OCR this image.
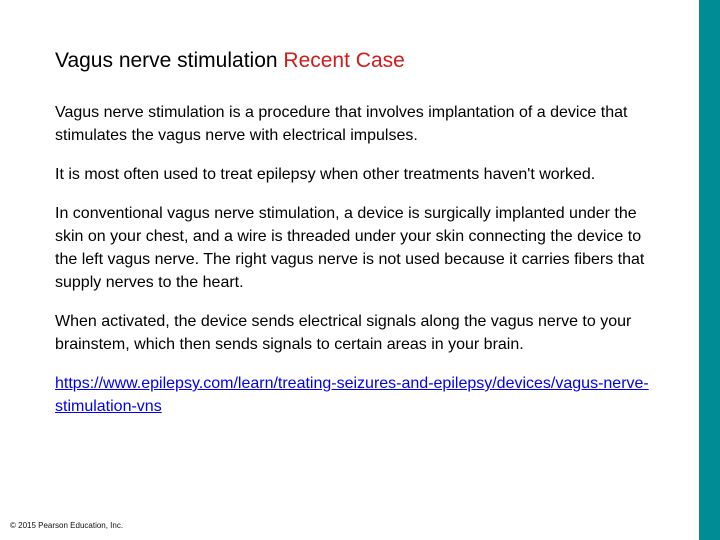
Vagus nerve stimulation Recent Case

Vagus nerve stimulation is a procedure that involves implantation of a device that stimulates the vagus nerve with electrical impulses.

It is most often used to treat epilepsy when other treatments haven't worked.

In conventional vagus nerve stimulation, a device is surgically implanted under the skin on your chest, and a wire is threaded under your skin connecting the device to the left vagus nerve. The right vagus nerve is not used because it carries fibers that supply nerves to the heart.

When activated, the device sends electrical signals along the vagus nerve to your brainstem, which then sends signals to certain areas in your brain.

https://www.epilepsy.com/learn/treating-seizures-and-epilepsy/devices/vagus-nerve-stimulation-vns

© 2015 Pearson Education, Inc.
